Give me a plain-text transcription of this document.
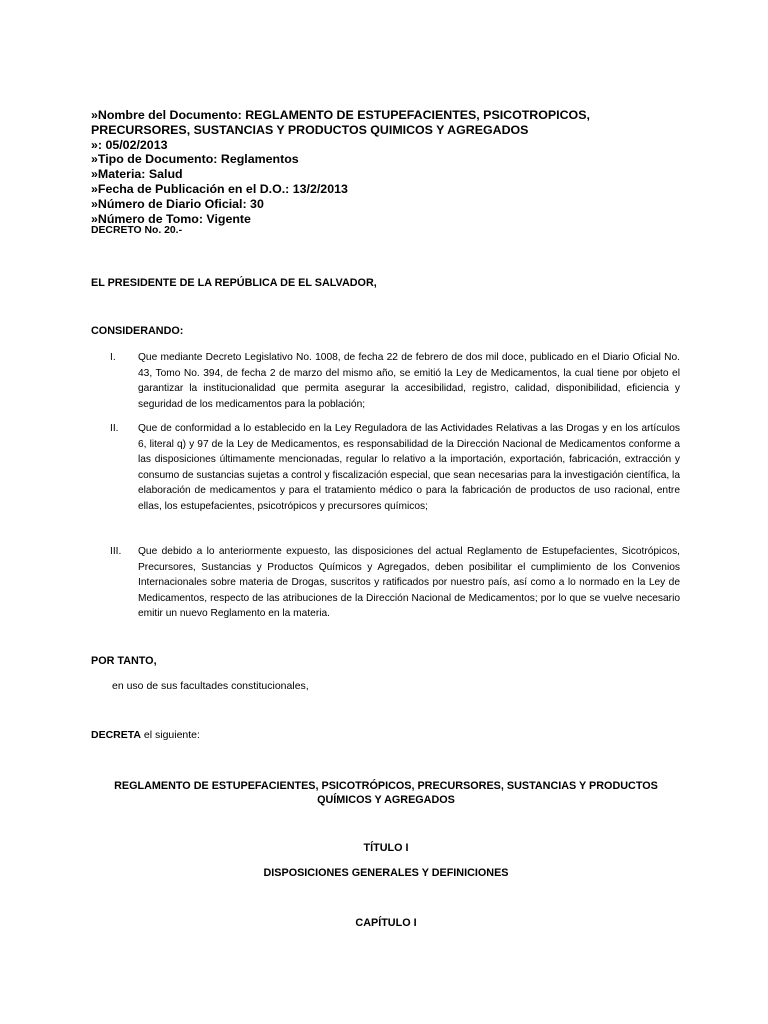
»Nombre del Documento: REGLAMENTO DE ESTUPEFACIENTES, PSICOTROPICOS,
PRECURSORES, SUSTANCIAS Y PRODUCTOS QUIMICOS Y AGREGADOS
»: 05/02/2013
»Tipo de Documento: Reglamentos
»Materia: Salud
»Fecha de Publicación en el D.O.: 13/2/2013
»Número de Diario Oficial: 30
»Número de Tomo: Vigente
DECRETO No. 20.-
EL PRESIDENTE DE LA REPÚBLICA DE EL SALVADOR,
CONSIDERANDO:
I. Que mediante Decreto Legislativo No. 1008, de fecha 22 de febrero de dos mil doce, publicado en el Diario Oficial No. 43, Tomo No. 394, de fecha 2 de marzo del mismo año, se emitió la Ley de Medicamentos, la cual tiene por objeto el garantizar la institucionalidad que permita asegurar la accesibilidad, registro, calidad, disponibilidad, eficiencia y seguridad de los medicamentos para la población;
II. Que de conformidad a lo establecido en la Ley Reguladora de las Actividades Relativas a las Drogas y en los artículos 6, literal q) y 97 de la Ley de Medicamentos, es responsabilidad de la Dirección Nacional de Medicamentos conforme a las disposiciones últimamente mencionadas, regular lo relativo a la importación, exportación, fabricación, extracción y consumo de sustancias sujetas a control y fiscalización especial, que sean necesarias para la investigación científica, la elaboración de medicamentos y para el tratamiento médico o para la fabricación de productos de uso racional, entre ellas, los estupefacientes, psicotrópicos y precursores químicos;
III. Que debido a lo anteriormente expuesto, las disposiciones del actual Reglamento de Estupefacientes, Sicotrópicos, Precursores, Sustancias y Productos Químicos y Agregados, deben posibilitar el cumplimiento de los Convenios Internacionales sobre materia de Drogas, suscritos y ratificados por nuestro país, así como a lo normado en la Ley de Medicamentos, respecto de las atribuciones de la Dirección Nacional de Medicamentos; por lo que se vuelve necesario emitir un nuevo Reglamento en la materia.
POR TANTO,
en uso de sus facultades constitucionales,
DECRETA el siguiente:
REGLAMENTO DE ESTUPEFACIENTES, PSICOTRÓPICOS, PRECURSORES, SUSTANCIAS Y PRODUCTOS
QUÍMICOS Y AGREGADOS
TÍTULO I
DISPOSICIONES GENERALES Y DEFINICIONES
CAPÍTULO I
